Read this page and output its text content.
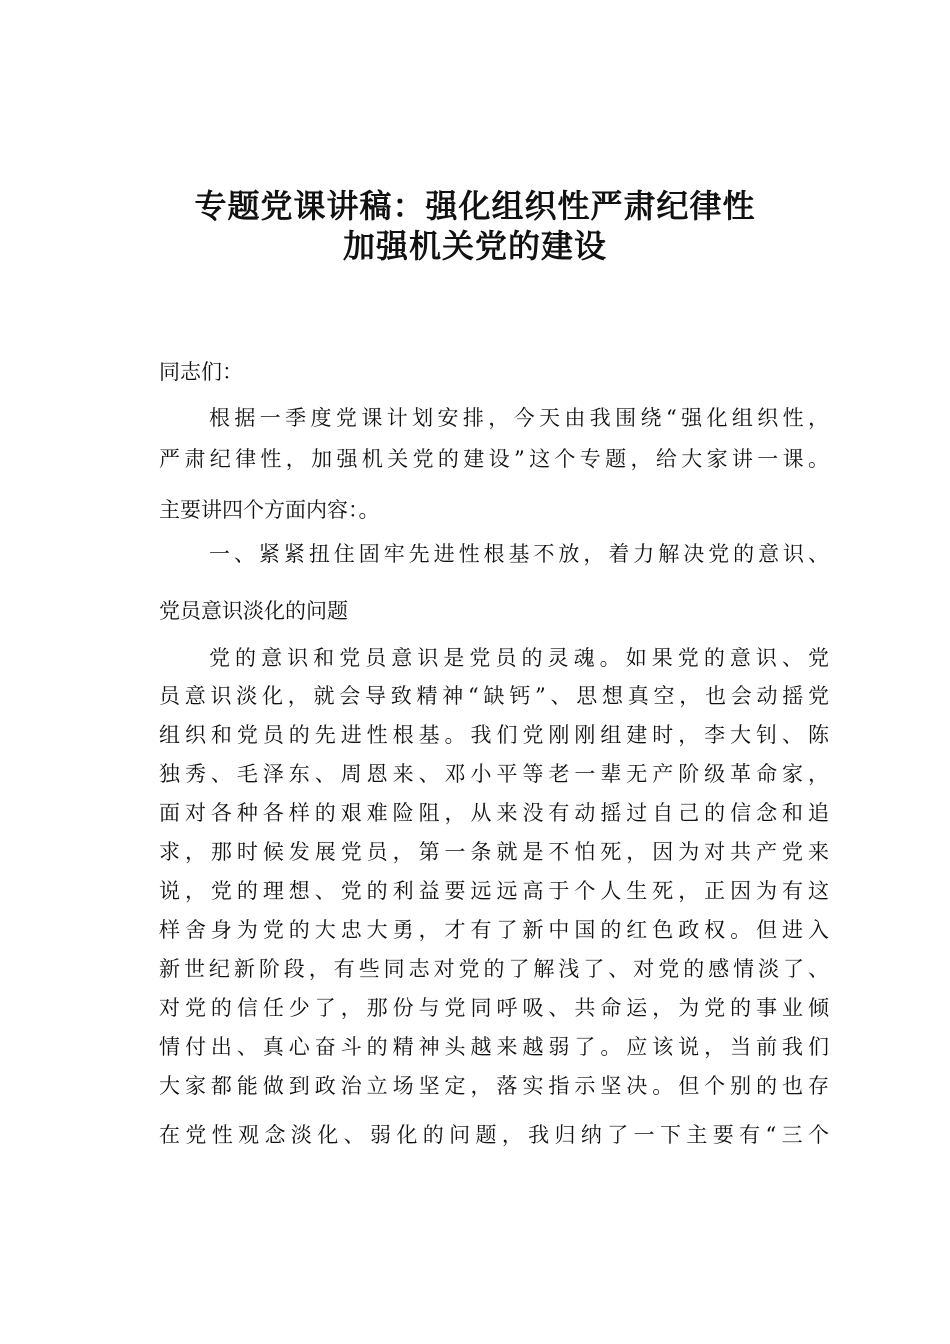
专题党课讲稿：强化组织性严肃纪律性
加强机关党的建设
同志们：
根据一季度党课计划安排，今天由我围绕“强化组织性，
严肃纪律性，加强机关党的建设”这个专题，给大家讲一课。
主要讲四个方面内容：。
一、紧紧扭住固牢先进性根基不放，着力解决党的意识、
党员意识淡化的问题
党的意识和党员意识是党员的灵魂。如果党的意识、党
员意识淡化，就会导致精神“缺钙”、思想真空，也会动摇党
组织和党员的先进性根基。我们党刚刚组建时，李大钊、陈
独秀、毛泽东、周恩来、邓小平等老一辈无产阶级革命家，
面对各种各样的艰难险阻，从来没有动摇过自己的信念和追
求，那时候发展党员，第一条就是不怕死，因为对共产党来
说，党的理想、党的利益要远远高于个人生死，正因为有这
样舍身为党的大忠大勇，才有了新中国的红色政权。但进入
新世纪新阶段，有些同志对党的了解浅了、对党的感情淡了、
对党的信任少了，那份与党同呼吸、共命运，为党的事业倾
情付出、真心奋斗的精神头越来越弱了。应该说，当前我们
大家都能做到政治立场坚定，落实指示坚决。但个别的也存
在党性观念淡化、弱化的问题，我归纳了一下主要有“三个
